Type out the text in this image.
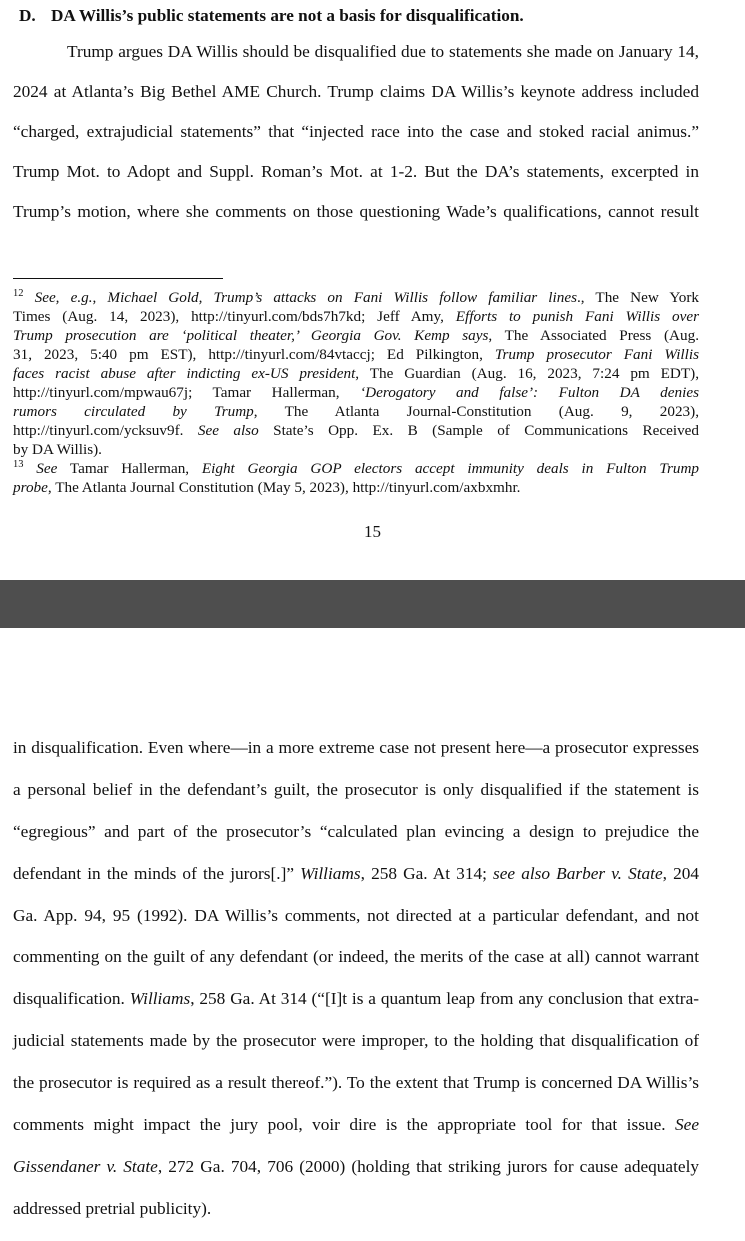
D. DA Willis’s public statements are not a basis for disqualification.
Trump argues DA Willis should be disqualified due to statements she made on January 14,
2024 at Atlanta’s Big Bethel AME Church. Trump claims DA Willis’s keynote address included
“charged, extrajudicial statements” that “injected race into the case and stoked racial animus.”
Trump Mot. to Adopt and Suppl. Roman’s Mot. at 1-2. But the DA’s statements, excerpted in
Trump’s motion, where she comments on those questioning Wade’s qualifications, cannot result
$^{12}$ See, e.g., Michael Gold, Trump’s attacks on Fani Willis follow familiar lines., The New York
Times (Aug. 14, 2023), http://tinyurl.com/bds7h7kd; Jeff Amy, Efforts to punish Fani Willis over
Trump prosecution are ‘political theater,’ Georgia Gov. Kemp says, The Associated Press (Aug.
31, 2023, 5:40 pm EST), http://tinyurl.com/84vtaccj; Ed Pilkington, Trump prosecutor Fani Willis
faces racist abuse after indicting ex-US president, The Guardian (Aug. 16, 2023, 7:24 pm EDT),
http://tinyurl.com/mpwau67j; Tamar Hallerman, ‘Derogatory and false’: Fulton DA denies
rumors circulated by Trump, The Atlanta Journal-Constitution (Aug. 9, 2023),
http://tinyurl.com/ycksuv9f. See also State’s Opp. Ex. B (Sample of Communications Received
by DA Willis).
$^{13}$ See Tamar Hallerman, Eight Georgia GOP electors accept immunity deals in Fulton Trump
probe, The Atlanta Journal Constitution (May 5, 2023), http://tinyurl.com/axbxmhr.

15

in disqualification. Even where—in a more extreme case not present here—a prosecutor expresses
a personal belief in the defendant’s guilt, the prosecutor is only disqualified if the statement is
“egregious” and part of the prosecutor’s “calculated plan evincing a design to prejudice the
defendant in the minds of the jurors[.]” Williams, 258 Ga. At 314; see also Barber v. State, 204
Ga. App. 94, 95 (1992). DA Willis’s comments, not directed at a particular defendant, and not
commenting on the guilt of any defendant (or indeed, the merits of the case at all) cannot warrant
disqualification. Williams, 258 Ga. At 314 (“[I]t is a quantum leap from any conclusion that extra-
judicial statements made by the prosecutor were improper, to the holding that disqualification of
the prosecutor is required as a result thereof.”). To the extent that Trump is concerned DA Willis’s
comments might impact the jury pool, voir dire is the appropriate tool for that issue. See
Gissendaner v. State, 272 Ga. 704, 706 (2000) (holding that striking jurors for cause adequately
addressed pretrial publicity).
